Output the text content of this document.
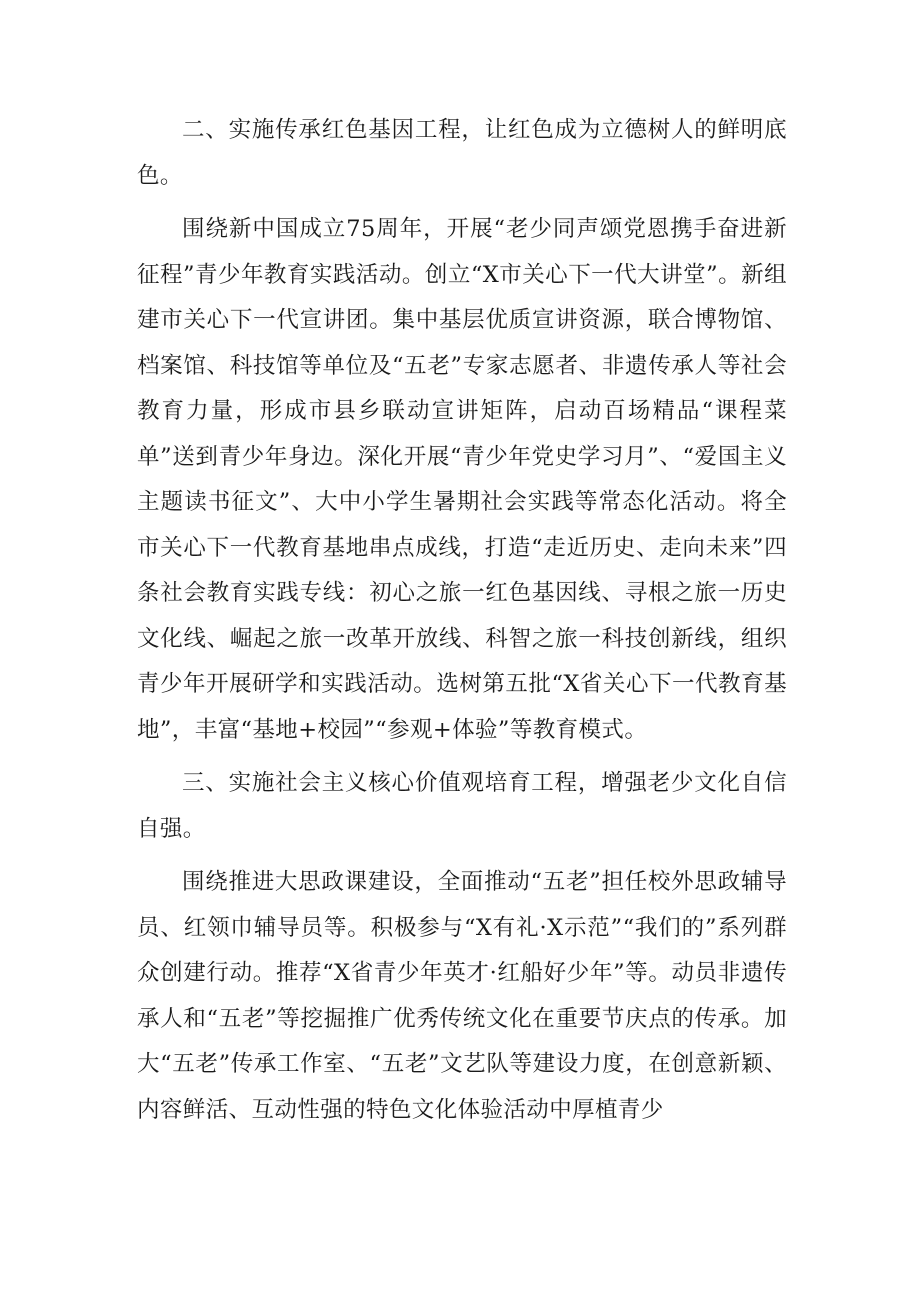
二、实施传承红色基因工程，让红色成为立德树人的鲜明底色。

围绕新中国成立75周年，开展“老少同声颂党恩携手奋进新征程”青少年教育实践活动。创立“X市关心下一代大讲堂”。新组建市关心下一代宣讲团。集中基层优质宣讲资源，联合博物馆、档案馆、科技馆等单位及“五老”专家志愿者、非遗传承人等社会教育力量，形成市县乡联动宣讲矩阵，启动百场精品“课程菜单”送到青少年身边。深化开展“青少年党史学习月”、“爱国主义主题读书征文”、大中小学生暑期社会实践等常态化活动。将全市关心下一代教育基地串点成线，打造“走近历史、走向未来”四条社会教育实践专线：初心之旅一红色基因线、寻根之旅一历史文化线、崛起之旅一改革开放线、科智之旅一科技创新线，组织青少年开展研学和实践活动。选树第五批“X省关心下一代教育基地”，丰富“基地+校园”“参观+体验”等教育模式。

三、实施社会主义核心价值观培育工程，增强老少文化自信自强。

围绕推进大思政课建设，全面推动“五老”担任校外思政辅导员、红领巾辅导员等。积极参与“X有礼·X示范”“我们的”系列群众创建行动。推荐“X省青少年英才·红船好少年”等。动员非遗传承人和“五老”等挖掘推广优秀传统文化在重要节庆点的传承。加大“五老”传承工作室、“五老”文艺队等建设力度，在创意新颖、内容鲜活、互动性强的特色文化体验活动中厚植青少
